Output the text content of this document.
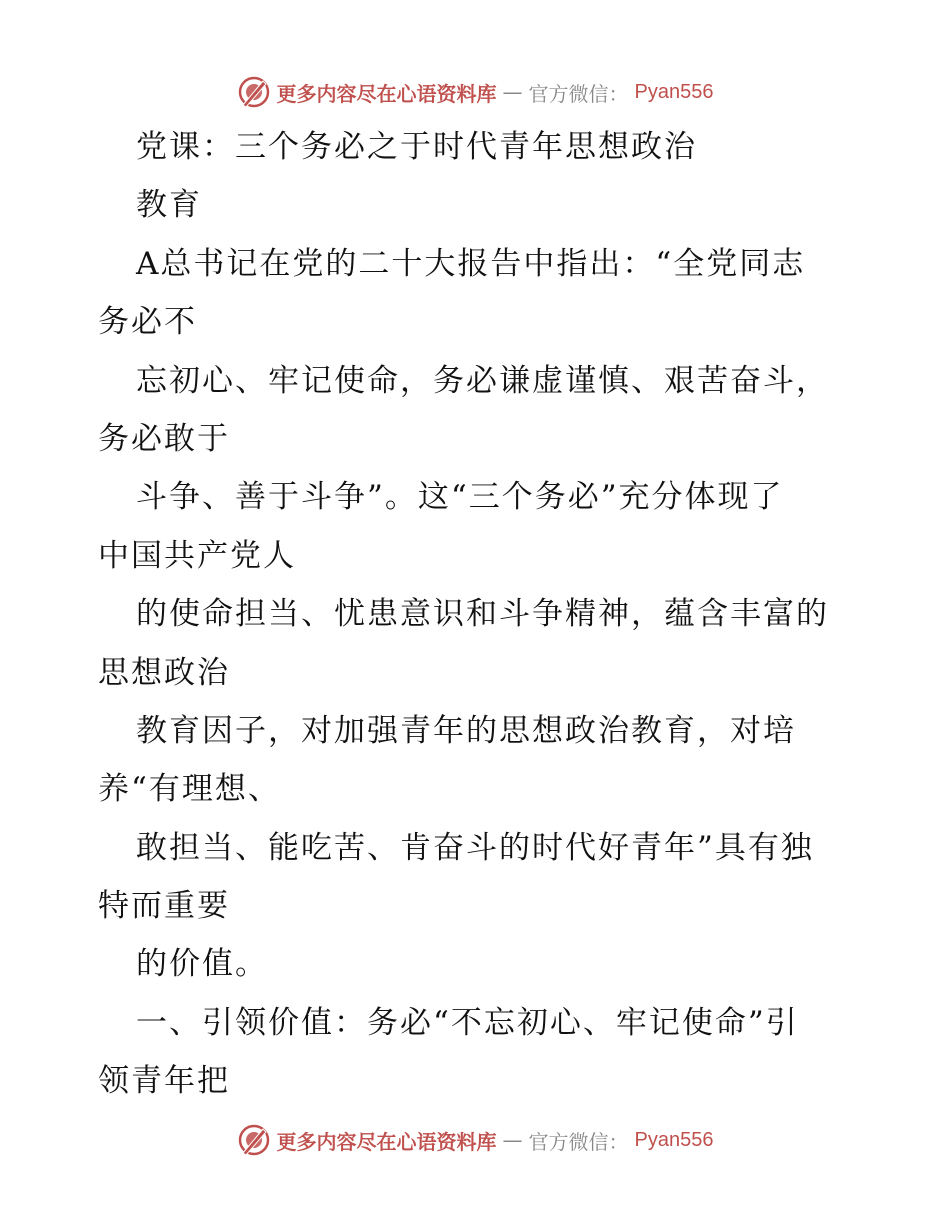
更多内容尽在心语资料库 — 官方微信： Pyan556
党课：三个务必之于时代青年思想政治
教育
A总书记在党的二十大报告中指出：“全党同志
务必不
忘初心、牢记使命，务必谦虚谨慎、艰苦奋斗，
务必敢于
斗争、善于斗争”。这“三个务必”充分体现了
中国共产党人
的使命担当、忧患意识和斗争精神，蕴含丰富的
思想政治
教育因子，对加强青年的思想政治教育，对培
养“有理想、
敢担当、能吃苦、肯奋斗的时代好青年”具有独
特而重要
的价值。
一、引领价值：务必“不忘初心、牢记使命”引
领青年把
更多内容尽在心语资料库 — 官方微信： Pyan556
